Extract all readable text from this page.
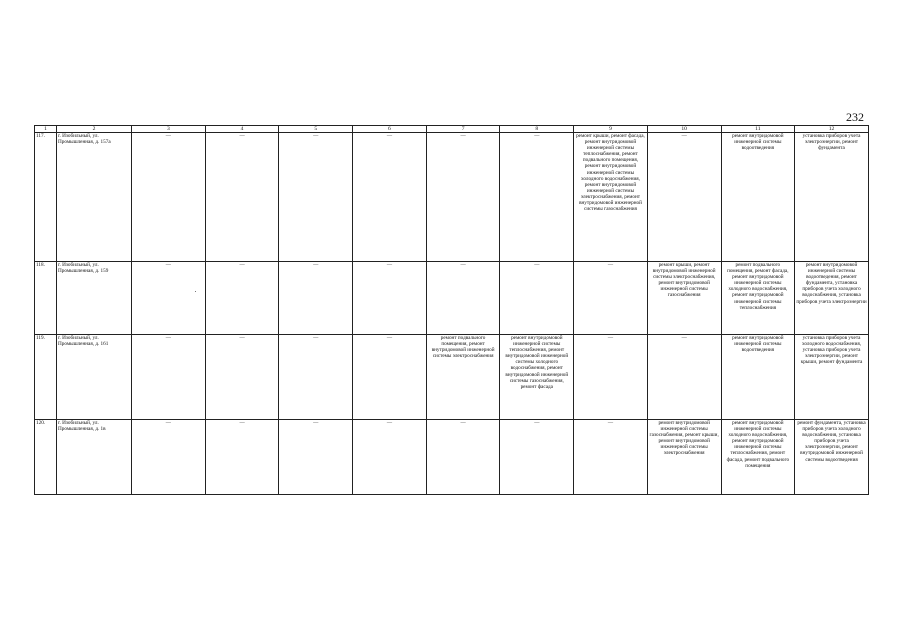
232
1	2	3	4	5	6	7	8	9	10	11	12
117.	г. Изобильный, ул. Промышленная, д. 157а	—	—	—	—	—	—	ремонт крыши, ремонт фасада, ремонт внутридомовой инженерной системы теплоснабжения, ремонт подвального помещения, ремонт внутридомовой инженерной системы холодного водоснабжения, ремонт внутридомовой инженерной системы электроснабжения, ремонт внутридомовой инженерной системы газоснабжения	—	ремонт внутридомовой инженерной системы водоотведения	установка приборов учета электроэнергии, ремонт фундамента
118.	г. Изобильный, ул. Промышленная, д. 159	—	—	—	—	—	—	—	ремонт крыши, ремонт внутридомовой инженерной системы электроснабжения, ремонт внутридомовой инженерной системы газоснабжения	ремонт подвального помещения, ремонт фасада, ремонт внутридомовой инженерной системы холодного водоснабжения, ремонт внутридомовой инженерной системы теплоснабжения	ремонт внутридомовой инженерной системы водоотведения, ремонт фундамента, установка приборов учета холодного водоснабжения, установка приборов учета электроэнергии
119.	г. Изобильный, ул. Промышленная, д. 161	—	—	—	—	ремонт подвального помещения, ремонт внутридомовой инженерной системы электроснабжения	ремонт внутридомовой инженерной системы теплоснабжения, ремонт внутридомовой инженерной системы холодного водоснабжения, ремонт внутридомовой инженерной системы газоснабжения, ремонт фасада	—	—	ремонт внутридомовой инженерной системы водоотведения	установка приборов учета холодного водоснабжения, установка приборов учета электроэнергии, ремонт крыши, ремонт фундамента
120.	г. Изобильный, ул. Промышленная, д. 1в	—	—	—	—	—	—	—	ремонт внутридомовой инженерной системы газоснабжения, ремонт крыши, ремонт внутридомовой инженерной системы электроснабжения	ремонт внутридомовой инженерной системы холодного водоснабжения, ремонт внутридомовой инженерной системы теплоснабжения, ремонт фасада, ремонт подвального помещения	ремонт фундамента, установка приборов учета холодного водоснабжения, установка приборов учета электроэнергии, ремонт внутридомовой инженерной системы водоотведения
